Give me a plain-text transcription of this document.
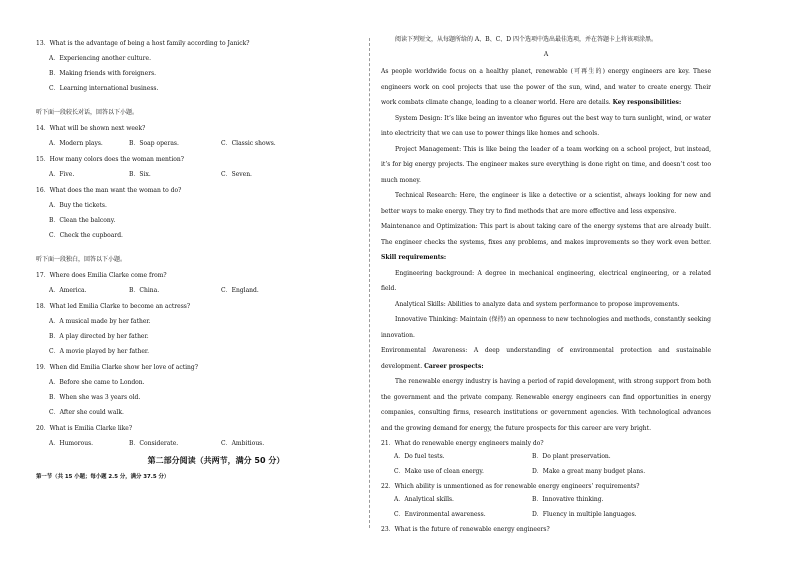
13．What is the advantage of being a host family according to Janick?
A．Experiencing another culture.
B．Making friends with foreigners.
C．Learning international business.
听下面一段较长对话，回答以下小题。
14．What will be shown next week?
A．Modern plays.	B．Soap operas.	C．Classic shows.
15．How many colors does the woman mention?
A．Five.	B．Six.	C．Seven.
16．What does the man want the woman to do?
A．Buy the tickets.
B．Clean the balcony.
C．Check the cupboard.
听下面一段独白，回答以下小题。
17．Where does Emilia Clarke come from?
A．America.	B．China.	C．England.
18．What led Emilia Clarke to become an actress?
A．A musical made by her father.
B．A play directed by her father.
C．A movie played by her father.
19．When did Emilia Clarke show her love of acting?
A．Before she came to London.
B．When she was 3 years old.
C．After she could walk.
20．What is Emilia Clarke like?
A．Humorous.	B．Considerate.	C．Ambitious.
第二部分阅读（共两节，满分 50 分）
第一节（共 15 小题；每小题 2.5 分，满分 37.5 分）
阅读下列短文，从每题所给的 A、B、C、D 四个选项中选出最佳选项，并在答题卡上将该项涂黑。
A
As people worldwide focus on a healthy planet, renewable (可再生的) energy engineers are key. These engineers work on cool projects that use the power of the sun, wind, and water to create energy. Their work combats climate change, leading to a cleaner world. Here are details. Key responsibilities:
System Design: It’s like being an inventor who figures out the best way to turn sunlight, wind, or water into electricity that we can use to power things like homes and schools.
Project Management: This is like being the leader of a team working on a school project, but instead, it’s for big energy projects. The engineer makes sure everything is done right on time, and doesn’t cost too much money.
Technical Research: Here, the engineer is like a detective or a scientist, always looking for new and better ways to make energy. They try to find methods that are more effective and less expensive.
Maintenance and Optimization: This part is about taking care of the energy systems that are already built. The engineer checks the systems, fixes any problems, and makes improvements so they work even better. Skill requirements:
Engineering background: A degree in mechanical engineering, electrical engineering, or a related field.
Analytical Skills: Abilities to analyze data and system performance to propose improvements.
Innovative Thinking: Maintain (保持) an openness to new technologies and methods, constantly seeking innovation.
Environmental Awareness: A deep understanding of environmental protection and sustainable development. Career prospects:
The renewable energy industry is having a period of rapid development, with strong support from both the government and the private company. Renewable energy engineers can find opportunities in energy companies, consulting firms, research institutions or government agencies. With technological advances and the growing demand for energy, the future prospects for this career are very bright.
21．What do renewable energy engineers mainly do?
A．Do fuel tests.	B．Do plant preservation.
C．Make use of clean energy.	D．Make a great many budget plans.
22．Which ability is unmentioned as for renewable energy engineers’ requirements?
A．Analytical skills.	B．Innovative thinking.
C．Environmental awareness.	D．Fluency in multiple languages.
23．What is the future of renewable energy engineers?
